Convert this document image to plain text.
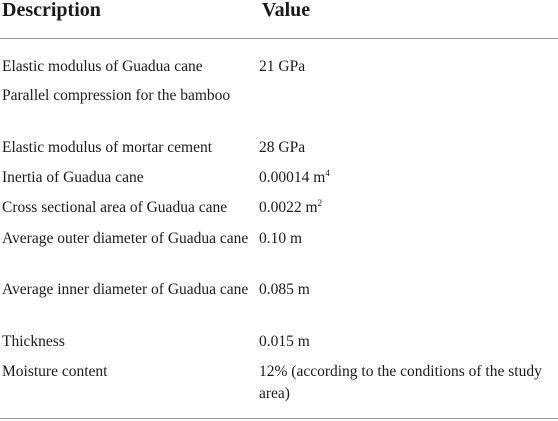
Description	Value
Elastic modulus of Guadua cane	21 GPa
Parallel compression for the bamboo
Elastic modulus of mortar cement	28 GPa
Inertia of Guadua cane	0.00014 $m^4$
Cross sectional area of Guadua cane	0.0022 $m^2$
Average outer diameter of Guadua cane 0.10 m
Average inner diameter of Guadua cane 0.085 m
Thickness	0.015 m
Moisture content	12% (according to the conditions of the study area)
